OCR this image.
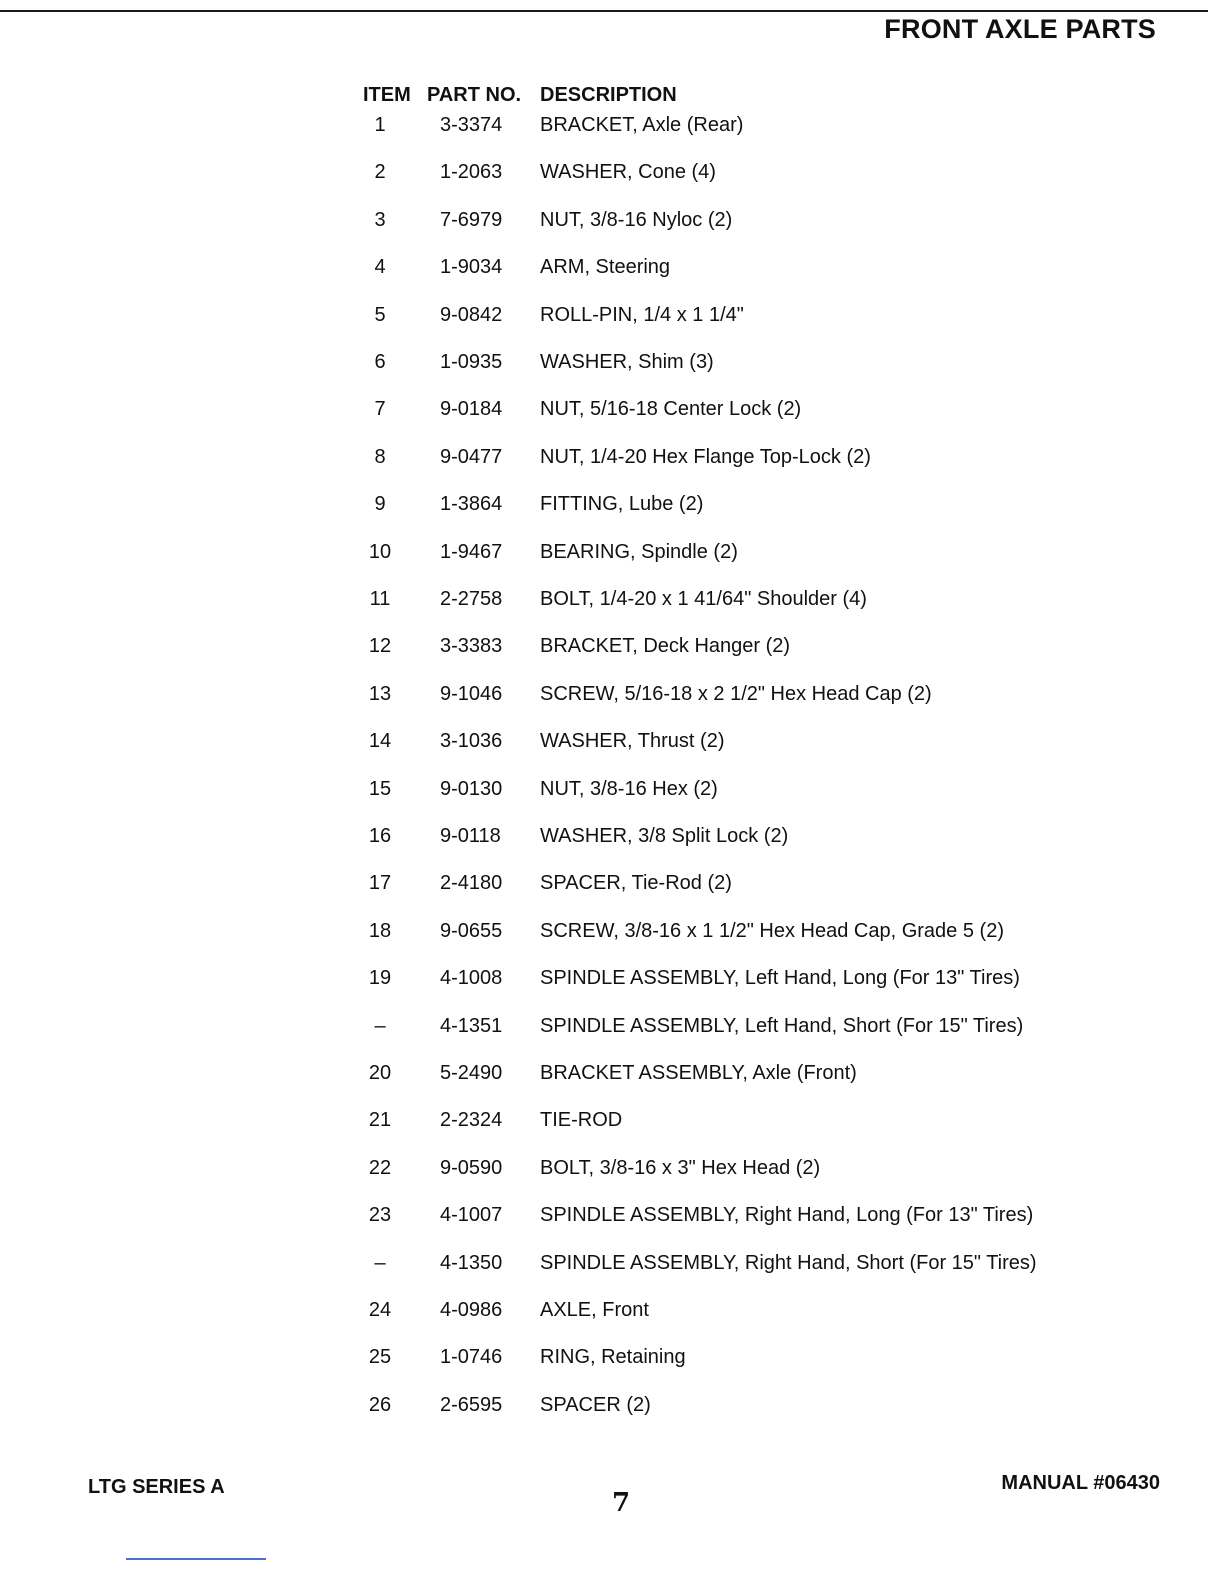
FRONT AXLE PARTS
ITEM PART NO. DESCRIPTION
1	3-3374 BRACKET, Axle (Rear)
2	1-2063 WASHER, Cone (4)
3	7-6979 NUT, 3/8-16 Nyloc (2)
4	1-9034 ARM, Steering
5	9-0842 ROLL-PIN, 1/4 x 1 1/4"
6	1-0935 WASHER, Shim (3)
7	9-0184 NUT, 5/16-18 Center Lock (2)
8	9-0477 NUT, 1/4-20 Hex Flange Top-Lock (2)
9	1-3864 FITTING, Lube (2)
10	1-9467 BEARING, Spindle (2)
11	2-2758 BOLT, 1/4-20 x 1 41/64" Shoulder (4)
12	3-3383 BRACKET, Deck Hanger (2)
13	9-1046 SCREW, 5/16-18 x 2 1/2" Hex Head Cap (2)
14	3-1036 WASHER, Thrust (2)
15	9-0130 NUT, 3/8-16 Hex (2)
16	9-0118 WASHER, 3/8 Split Lock (2)
17	2-4180 SPACER, Tie-Rod (2)
18	9-0655 SCREW, 3/8-16 x 1 1/2" Hex Head Cap, Grade 5 (2)
19	4-1008 SPINDLE ASSEMBLY, Left Hand, Long (For 13" Tires)
–	4-1351 SPINDLE ASSEMBLY, Left Hand, Short (For 15" Tires)
20	5-2490 BRACKET ASSEMBLY, Axle (Front)
21	2-2324 TIE-ROD
22	9-0590 BOLT, 3/8-16 x 3" Hex Head (2)
23	4-1007 SPINDLE ASSEMBLY, Right Hand, Long (For 13" Tires)
–	4-1350 SPINDLE ASSEMBLY, Right Hand, Short (For 15" Tires)
24	4-0986 AXLE, Front
25	1-0746 RING, Retaining
26	2-6595 SPACER (2)
LTG SERIES A
7
MANUAL #06430
